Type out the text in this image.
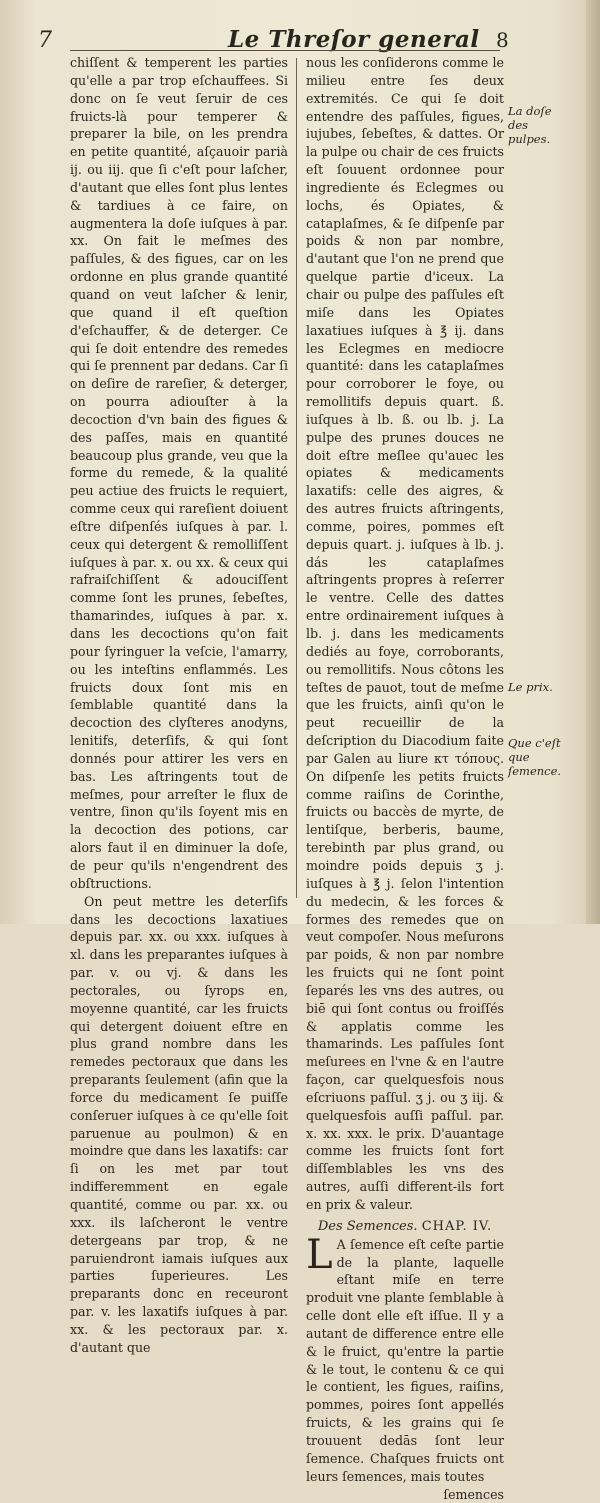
7	Le Threſor general 8

chiſſent & temperent les parties qu'elle a par trop eſchauffees. Si donc on ſe veut ſeruir de ces fruicts-là pour temperer & preparer la bile, on les prendra en petite quantité, aſçauoir parià ij. ou iij. que ſi c'eſt pour laſcher, d'autant que elles ſont plus lentes & tardiues à ce faire, on augmentera la doſe iuſques à par. xx. On fait le meſmes des paſſules, & des figues, car on les ordonne en plus grande quantité quand on veut laſcher & lenir, que quand il eſt queſtion d'eſchauffer, & de deterger. Ce qui ſe doit entendre des remedes qui ſe prennent par dedans. Car ſi on deſire de rareſier, & deterger, on pourra adiouſter à la decoction d'vn bain des figues & des paſſes, mais en quantité beaucoup plus grande, veu que la forme du remede, & la qualité peu actiue des fruicts le requiert, comme ceux qui rareſient doiuent eſtre diſpenſés iuſques à par. l. ceux qui detergent & remolliſſent iuſques à par. x. ou xx. & ceux qui rafraiſchiſſent & adouciſſent comme ſont les prunes, ſebeſtes, thamarindes, iuſques à par. x. dans les decoctions qu'on fait pour ſyringuer la veſcie, l'amarry, ou les inteſtins enflammés. Les fruicts doux ſont mis en ſemblable quantité dans la decoction des clyſteres anodyns, lenitifs, deterſifs, & qui ſont donnés pour attirer les vers en bas. Les aſtringents tout de meſmes, pour arreſter le flux de ventre, ſinon qu'ils ſoyent mis en la decoction des potions, car alors faut il en diminuer la doſe, de peur qu'ils n'engendrent des obſtructions.

On peut mettre les deterſifs dans les decoctions laxatiues depuis par. xx. ou xxx. iuſques à xl. dans les preparantes iuſques à par. v. ou vj. & dans les pectorales, ou ſyrops en, moyenne quantité, car les fruicts qui detergent doiuent eſtre en plus grand nombre dans les remedes pectoraux que dans les preparants ſeulement (afin que la force du medicament ſe puiſſe conſeruer iuſques à ce qu'elle ſoit paruenue au poulmon) & en moindre que dans les laxatifs: car ſi on les met par tout indifferemment en egale quantité, comme ou par. xx. ou xxx. ils laſcheront le ventre detergeans par trop, & ne paruiendront iamais iuſques aux parties ſuperieures. Les preparants donc en receuront par. v. les laxatifs iuſques à par. xx. & les pectoraux par. x. d'autant que

nous les conſiderons comme le milieu entre ſes deux extremités. Ce qui ſe doit entendre des paſſules, figues, iujubes, ſebeſtes, & dattes. Or la pulpe ou chair de ces fruicts eſt ſouuent ordonnee pour ingrediente és Eclegmes ou lochs, és Opiates, & cataplaſmes, & ſe diſpenſe par poids & non par nombre, d'autant que l'on ne prend que quelque partie d'iceux. La chair ou pulpe des paſſules eſt miſe dans les Opiates laxatiues iuſques à ℥ ij. dans les Eclegmes en mediocre quantité: dans les cataplaſmes pour corroborer le foye, ou remollitifs depuis quart. ß. iuſques à lb. ß. ou lb. j. La pulpe des prunes douces ne doit eſtre meſlee qu'auec les opiates & medicaments laxatifs: celle des aigres, & des autres fruicts aſtringents, comme, poires, pommes eſt depuis quart. j. iuſques à lb. j. dás les cataplaſmes aſtringents propres à reſerrer le ventre. Celle des dattes entre ordinairement iuſques à lb. j. dans les medicaments dediés au foye, corroborants, ou remollitifs. Nous côtons les teſtes de pauot, tout de meſme que les fruicts, ainſi qu'on le peut recueillir de la deſcription du Diacodium faite par Galen au liure κτ τόπους. On diſpenſe les petits fruicts comme raiſins de Corinthe, fruicts ou baccès de myrte, de lentiſque, berberis, baume, terebinth par plus grand, ou moindre poids depuis ʒ j. iuſques à ℥ j. ſelon l'intention du medecin, & les forces & formes des remedes que on veut compoſer. Nous meſurons par poids, & non par nombre les fruicts qui ne ſont point ſeparés les vns des autres, ou biē qui ſont contus ou froiſſés & applatis comme les thamarinds. Les paſſules ſont meſurees en l'vne & en l'autre façon, car quelquesfois nous eſcriuons paſſul. ʒ j. ou ʒ iij. & quelquesfois auſſi paſſul. par. x. xx. xxx. le prix. D'auantage comme les fruicts ſont fort diſſemblables les vns des autres, auſſi different-ils fort en prix & valeur.

Des Semences. CHAP. IV.

L A ſemence eſt ceſte partie de la plante, laquelle eſtant miſe en terre produit vne plante ſemblable à celle dont elle eſt iſſue. Il y a autant de difference entre elle & le fruict, qu'entre la partie & le tout, le contenu & ce qui le contient, les figues, raiſins, pommes, poires ſont appellés fruicts, & les grains qui ſe trouuent dedās ſont leur ſemence. Chaſques fruicts ont leurs ſemences, mais toutes

ſemences

La doſe des pulpes.
Le prix.
Que c'eſt que ſemence.
